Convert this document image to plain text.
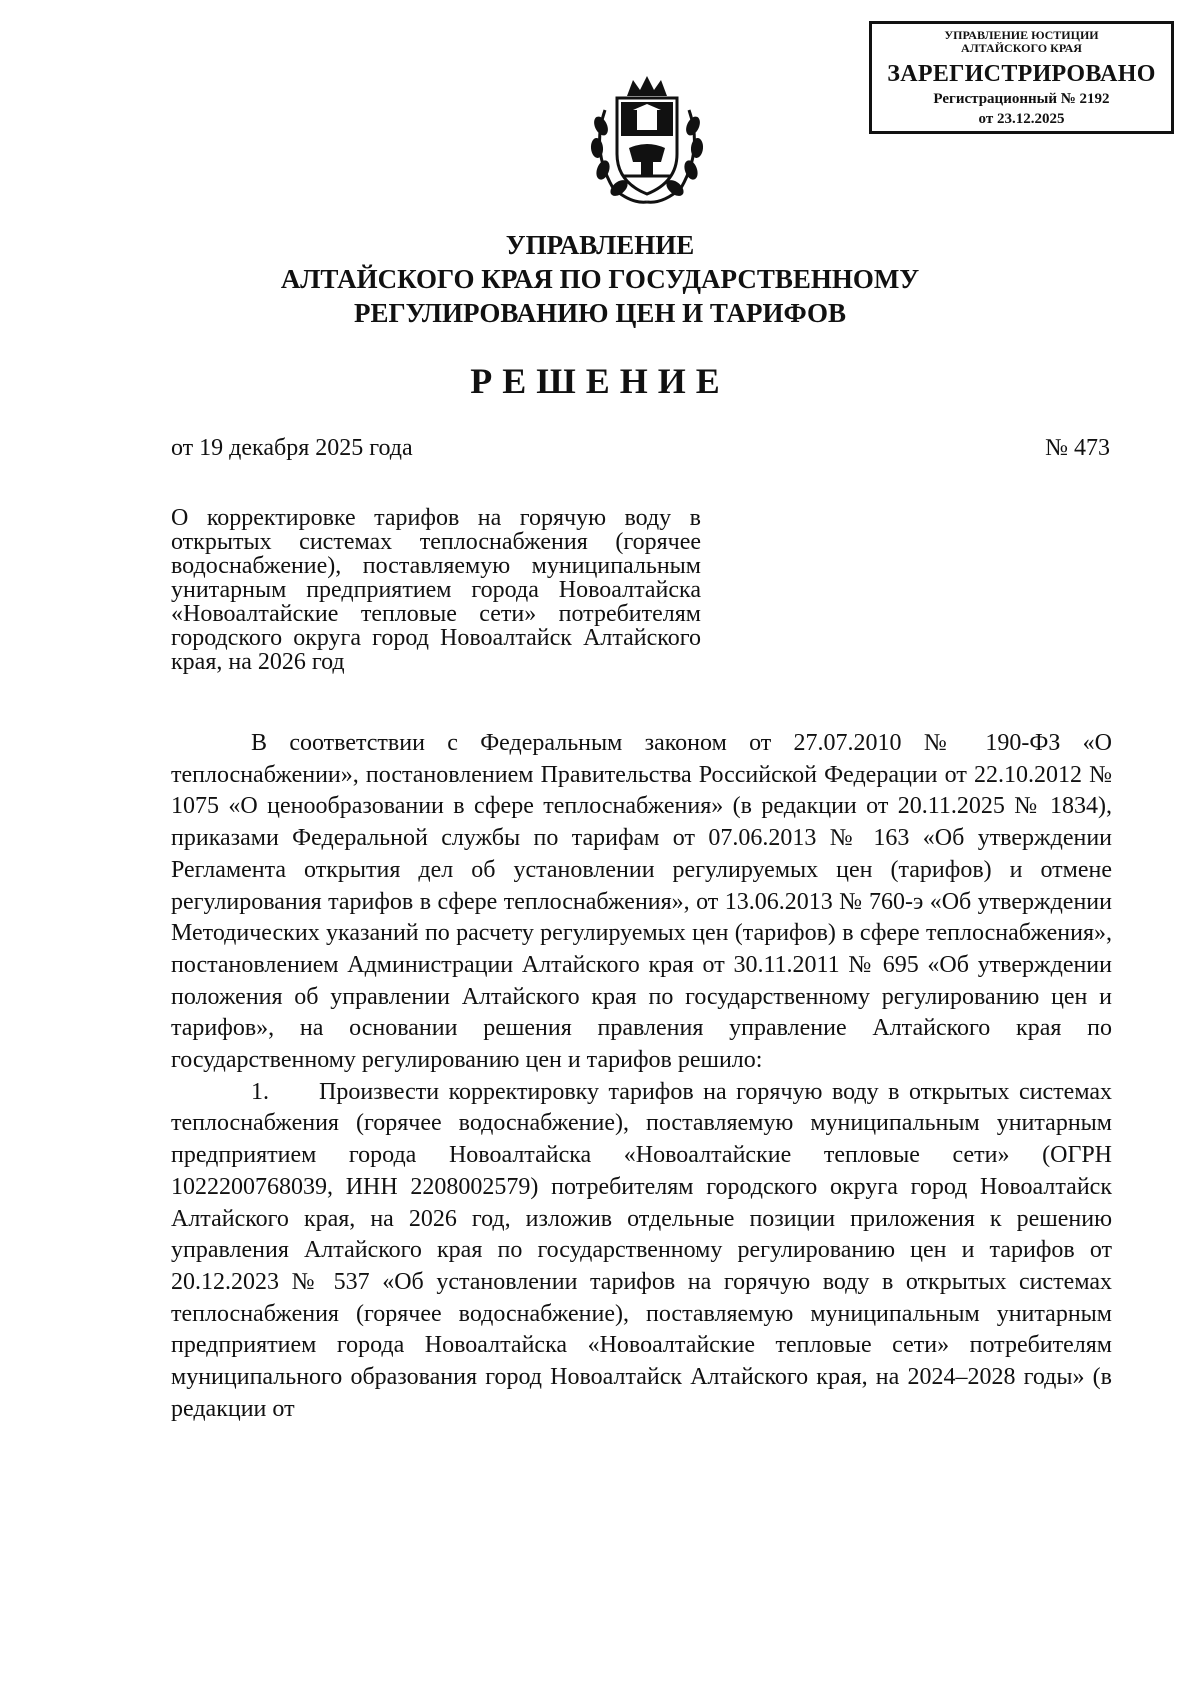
УПРАВЛЕНИЕ ЮСТИЦИИ
АЛТАЙСКОГО КРАЯ
ЗАРЕГИСТРИРОВАНО
Регистрационный № 2192
от 23.12.2025
УПРАВЛЕНИЕ
АЛТАЙСКОГО КРАЯ ПО ГОСУДАРСТВЕННОМУ
РЕГУЛИРОВАНИЮ ЦЕН И ТАРИФОВ
РЕШЕНИЕ
от 19 декабря 2025 года	№ 473
О корректировке тарифов на горячую воду в открытых системах теплоснабжения (горячее водоснабжение), поставляемую муниципальным унитарным предприятием города Новоалтайска «Новоалтайские тепловые сети» потребителям городского округа город Новоалтайск Алтайского края, на 2026 год

В соответствии с Федеральным законом от 27.07.2010 № 190-ФЗ «О теплоснабжении», постановлением Правительства Российской Федерации от 22.10.2012 № 1075 «О ценообразовании в сфере теплоснабжения» (в редакции от 20.11.2025 № 1834), приказами Федеральной службы по тарифам от 07.06.2013 № 163 «Об утверждении Регламента открытия дел об установлении регулируемых цен (тарифов) и отмене регулирования тарифов в сфере теплоснабжения», от 13.06.2013 № 760-э «Об утверждении Методических указаний по расчету регулируемых цен (тарифов) в сфере теплоснабжения», постановлением Администрации Алтайского края от 30.11.2011 № 695 «Об утверждении положения об управлении Алтайского края по государственному регулированию цен и тарифов», на основании решения правления управление Алтайского края по государственному регулированию цен и тарифов решило:

1. Произвести корректировку тарифов на горячую воду в открытых системах теплоснабжения (горячее водоснабжение), поставляемую муниципальным унитарным предприятием города Новоалтайска «Новоалтайские тепловые сети» (ОГРН 1022200768039, ИНН 2208002579) потребителям городского округа город Новоалтайск Алтайского края, на 2026 год, изложив отдельные позиции приложения к решению управления Алтайского края по государственному регулированию цен и тарифов от 20.12.2023 № 537 «Об установлении тарифов на горячую воду в открытых системах теплоснабжения (горячее водоснабжение), поставляемую муниципальным унитарным предприятием города Новоалтайска «Новоалтайские тепловые сети» потребителям муниципального образования город Новоалтайск Алтайского края, на 2024–2028 годы» (в редакции от
